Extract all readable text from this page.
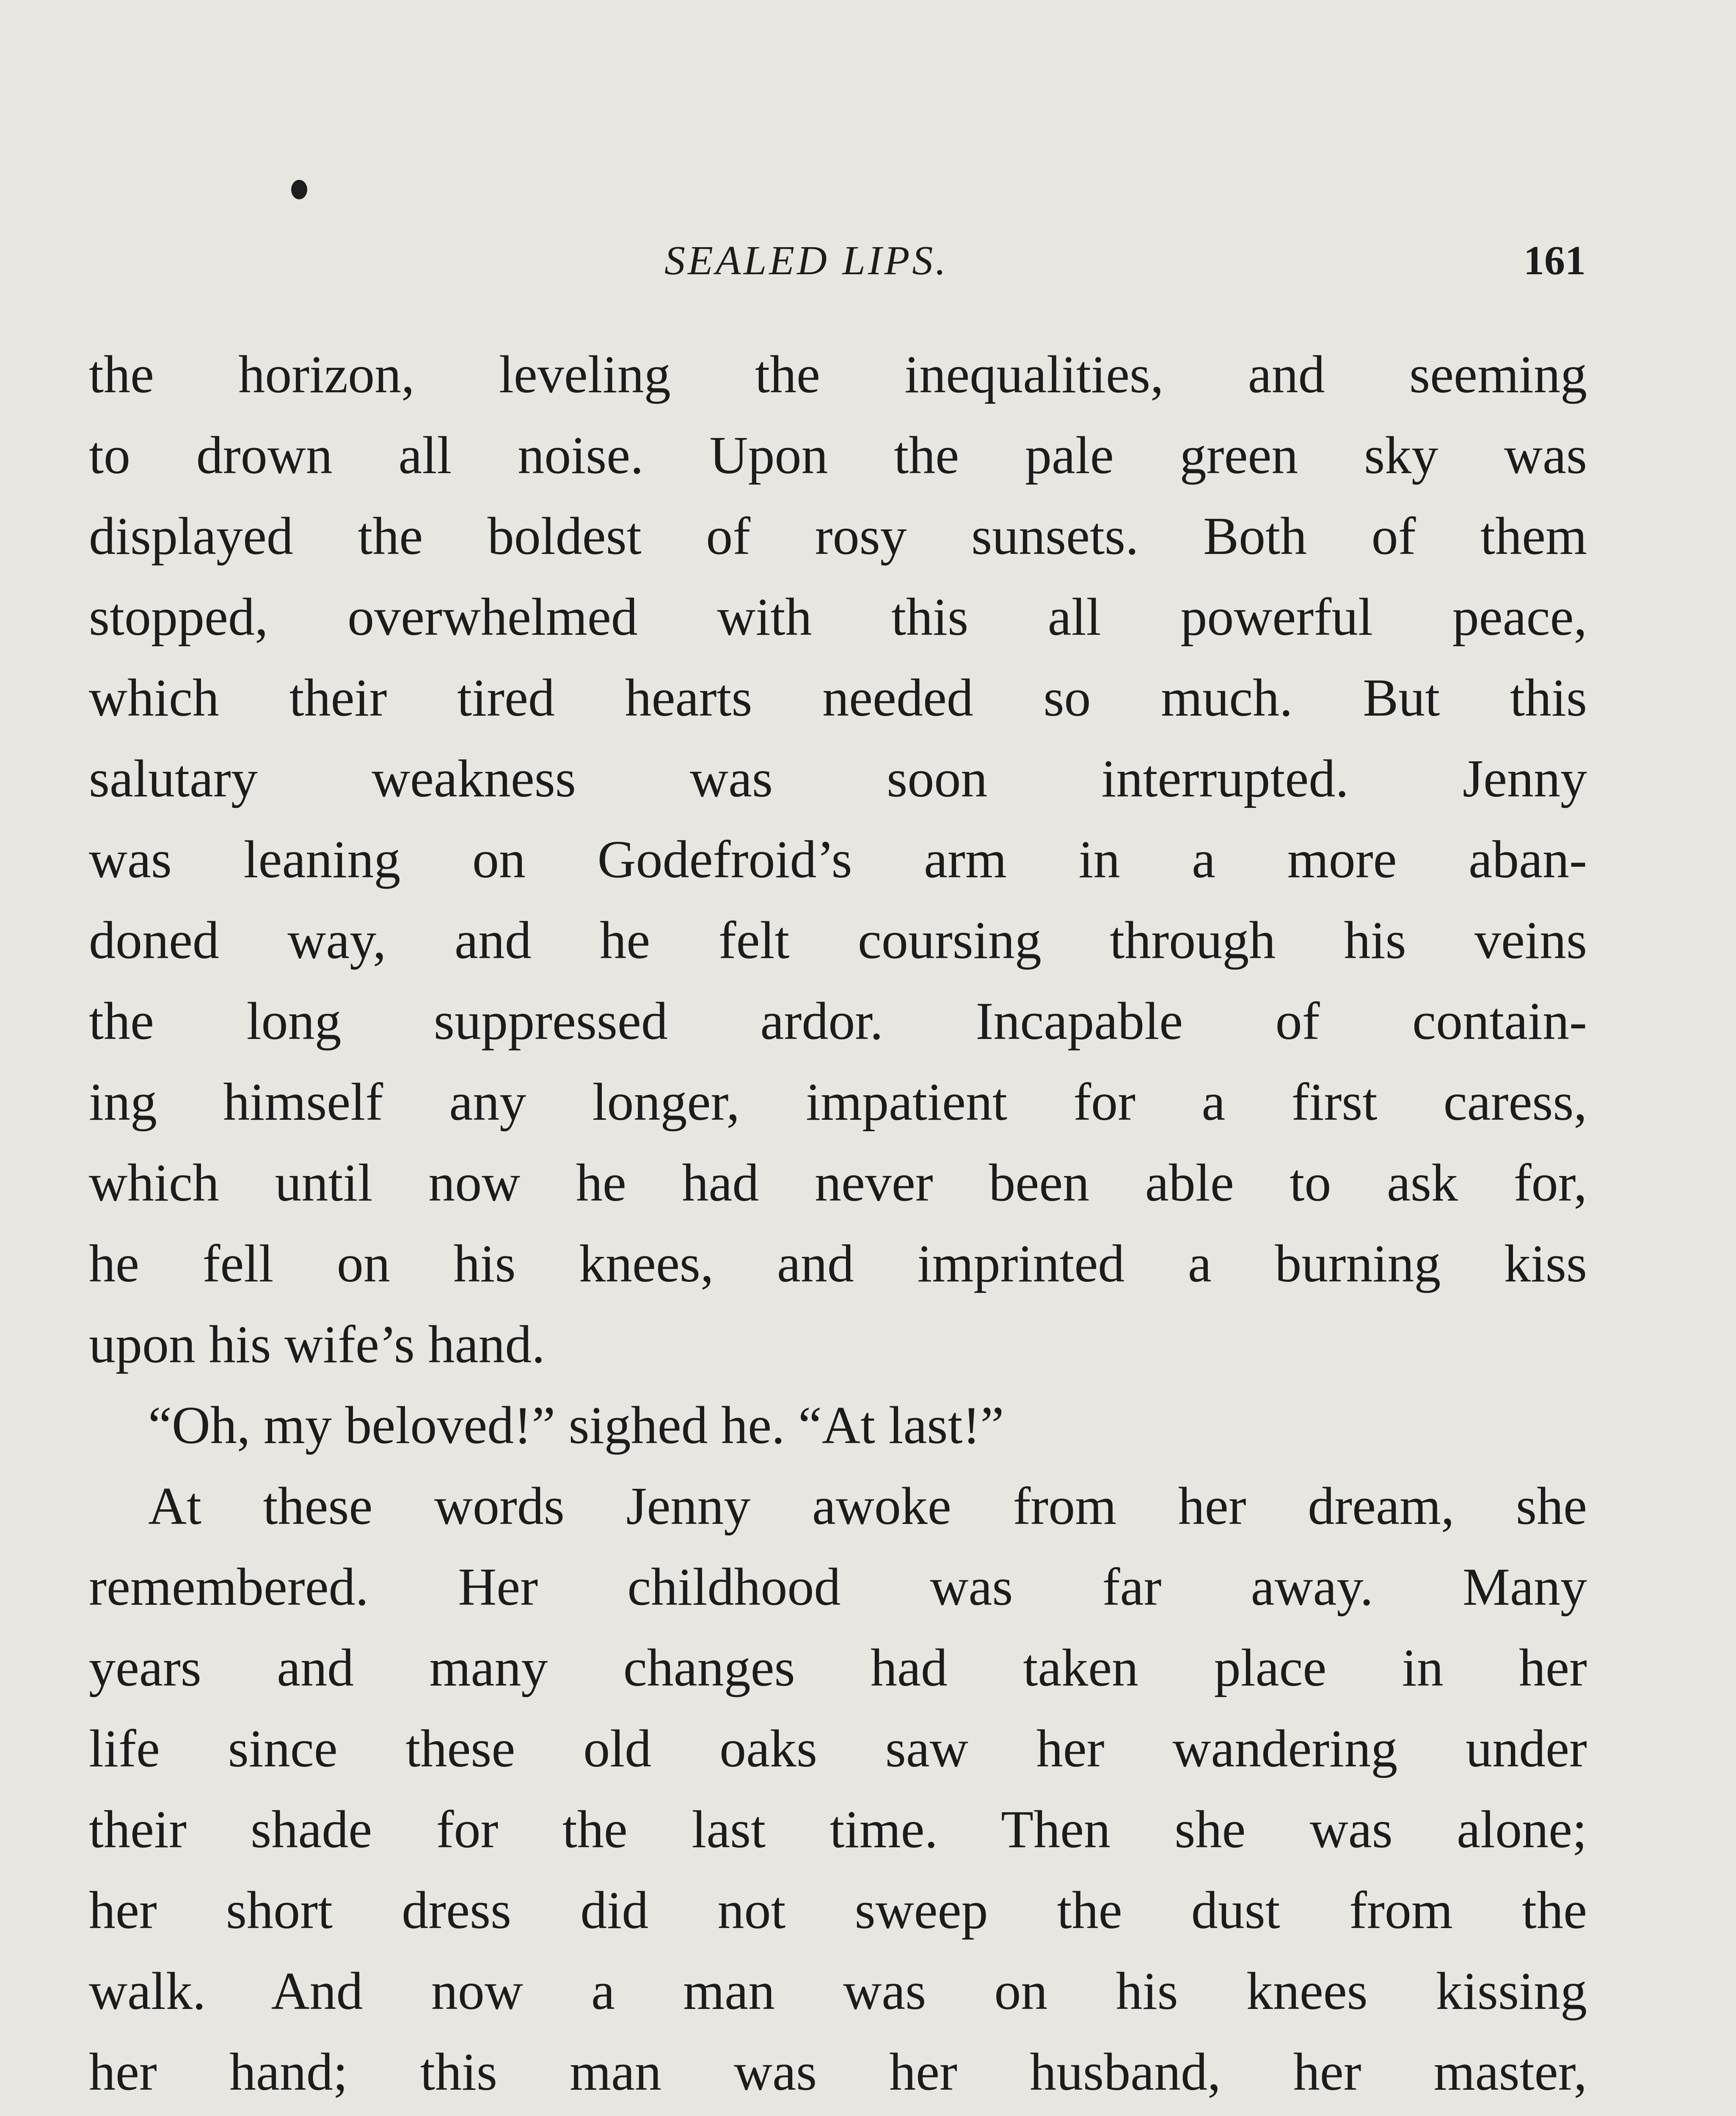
SEALED LIPS.	161
the horizon, leveling the inequalities, and seeming
to drown all noise. Upon the pale green sky was
displayed the boldest of rosy sunsets. Both of them
stopped, overwhelmed with this all powerful peace,
which their tired hearts needed so much. But this
salutary weakness was soon interrupted. Jenny
was leaning on Godefroid’s arm in a more aban-
doned way, and he felt coursing through his veins
the long suppressed ardor. Incapable of contain-
ing himself any longer, impatient for a first caress,
which until now he had never been able to ask for,
he fell on his knees, and imprinted a burning kiss
upon his wife’s hand.
“Oh, my beloved!” sighed he. “At last!”
At these words Jenny awoke from her dream, she
remembered. Her childhood was far away. Many
years and many changes had taken place in her
life since these old oaks saw her wandering under
their shade for the last time. Then she was alone;
her short dress did not sweep the dust from the
walk. And now a man was on his knees kissing
her hand; this man was her husband, her master,
